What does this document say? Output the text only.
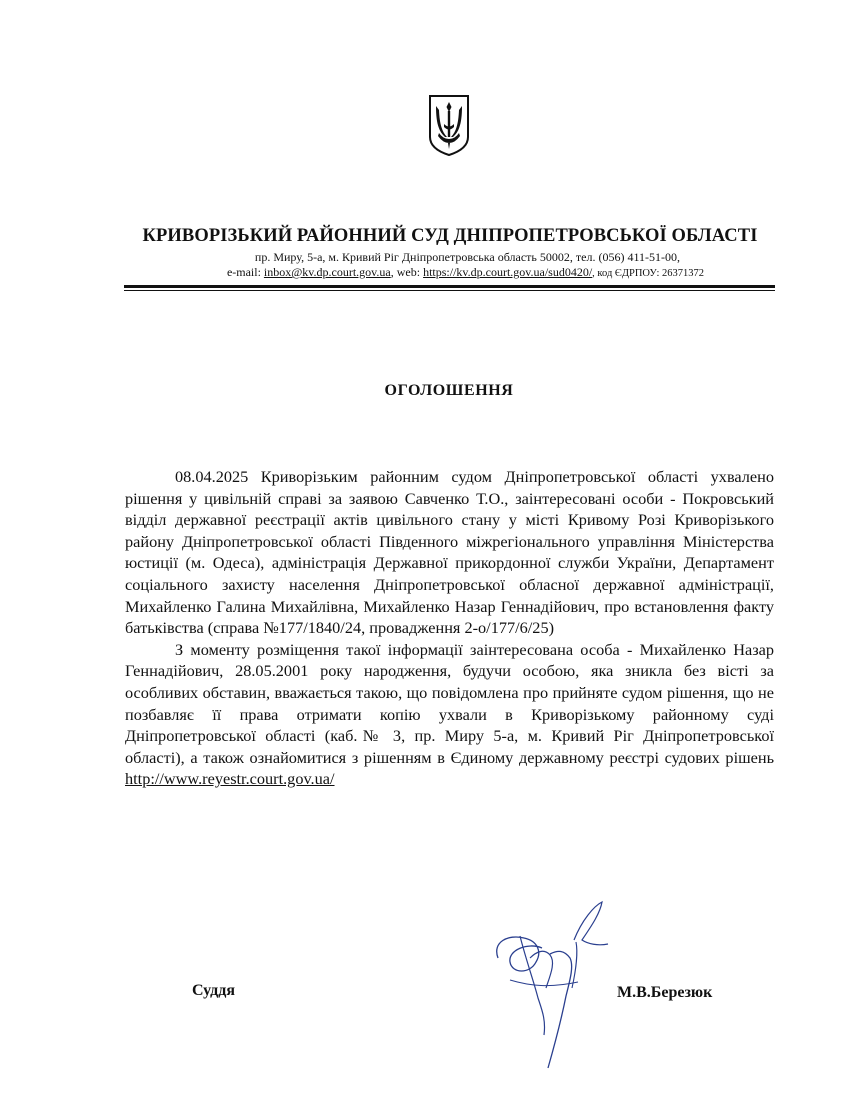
КРИВОРІЗЬКИЙ РАЙОННИЙ СУД ДНІПРОПЕТРОВСЬКОЇ ОБЛАСТІ
пр. Миру, 5-а, м. Кривий Ріг Дніпропетровська область 50002, тел. (056) 411-51-00,
e-mail: inbox@kv.dp.court.gov.ua, web: https://kv.dp.court.gov.ua/sud0420/, код ЄДРПОУ: 26371372
ОГОЛОШЕННЯ

08.04.2025 Криворізьким районним судом Дніпропетровської області ухвалено рішення у цивільній справі за заявою Савченко Т.О., заінтересовані особи - Покровський відділ державної реєстрації актів цивільного стану у місті Кривому Розі Криворізького району Дніпропетровської області Південного міжрегіонального управління Міністерства юстиції (м. Одеса), адміністрація Державної прикордонної служби України, Департамент соціального захисту населення Дніпропетровської обласної державної адміністрації, Михайленко Галина Михайлівна, Михайленко Назар Геннадійович, про встановлення факту батьківства (справа №177/1840/24, провадження 2-о/177/6/25)

З моменту розміщення такої інформації заінтересована особа - Михайленко Назар Геннадійович, 28.05.2001 року народження, будучи особою, яка зникла без вісті за особливих обставин, вважається такою, що повідомлена про прийняте судом рішення, що не позбавляє її права отримати копію ухвали в Криворізькому районному суді Дніпропетровської області (каб.№ 3, пр. Миру 5-а, м. Кривий Ріг Дніпропетровської області), а також ознайомитися з рішенням в Єдиному державному реєстрі судових рішень http://www.reyestr.court.gov.ua/

Суддя	М.В.Березюк
